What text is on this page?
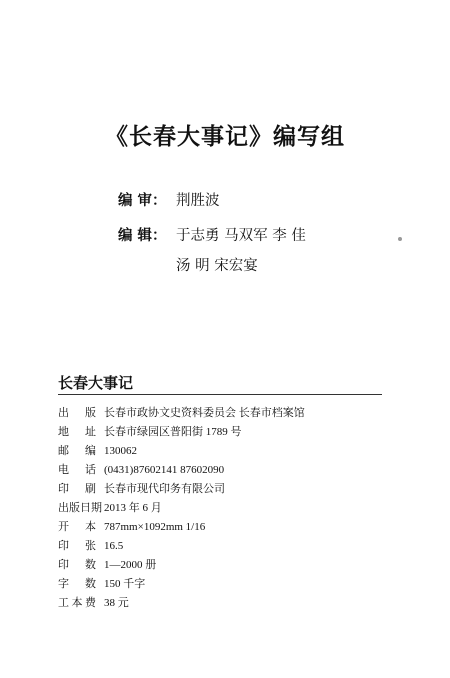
《长春大事记》编写组
编 审： 荆胜波
编 辑： 于志勇 马双军 李 佳
汤 明 宋宏宴
长春大事记
出版 长春市政协文史资料委员会 长春市档案馆
地址 长春市绿园区普阳街 1789 号
邮编 130062
电话 (0431)87602141 87602090
印刷 长春市现代印务有限公司
出版日期 2013 年 6 月
开本 787mm×1092mm 1/16
印张 16.5
印数 1—2000 册
字数 150 千字
工本费 38 元
